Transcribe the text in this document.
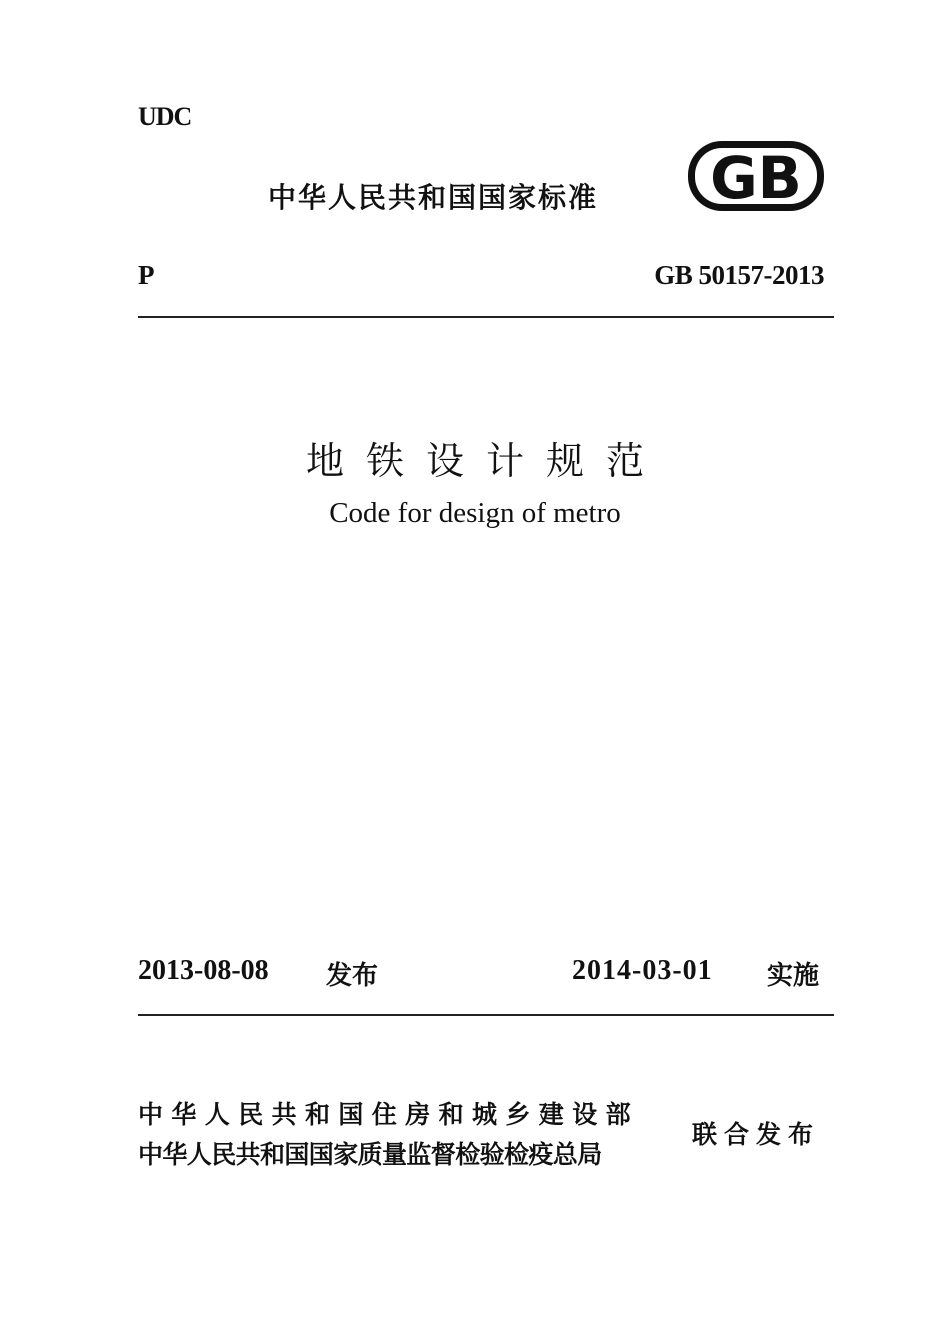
UDC
中华人民共和国国家标准 GB
P	GB 50157-2013
地铁设计规范
Code for design of metro
2013-08-08 发布	2014-03-01 实施
中华人民共和国住房和城乡建设部
中华人民共和国国家质量监督检验检疫总局
联合发布
